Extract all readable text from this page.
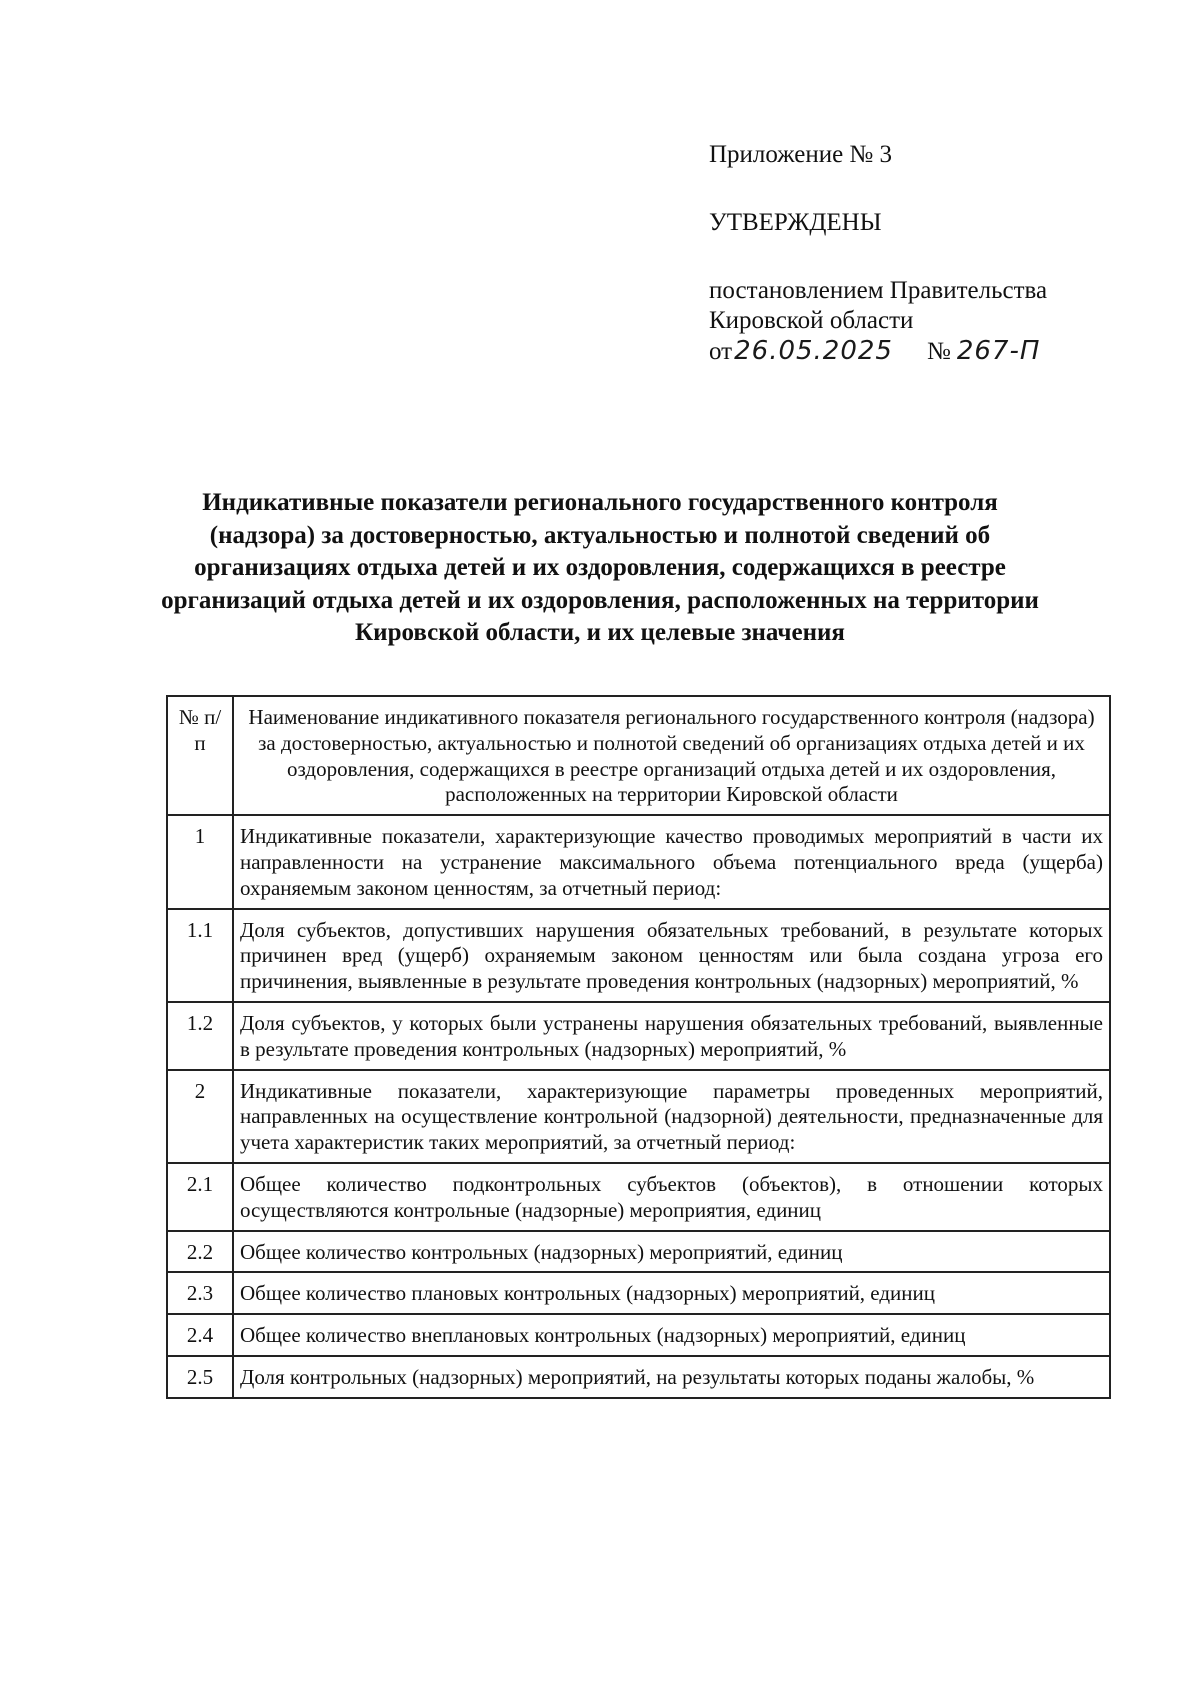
Приложение № 3
УТВЕРЖДЕНЫ
постановлением Правительства
Кировской области
от26.05.2025 № 267-П
Индикативные показатели регионального государственного контроля (надзора) за достоверностью, актуальностью и полнотой сведений об организациях отдыха детей и их оздоровления, содержащихся в реестре организаций отдыха детей и их оздоровления, расположенных на территории Кировской области, и их целевые значения
№ п/п	Наименование индикативного показателя регионального государственного контроля (надзора) за достоверностью, актуальностью и полнотой сведений об организациях отдыха детей и их оздоровления, содержащихся в реестре организаций отдыха детей и их оздоровления, расположенных на территории Кировской области
1	Индикативные показатели, характеризующие качество проводимых мероприятий в части их направленности на устранение максимального объема потенциального вреда (ущерба) охраняемым законом ценностям, за отчетный период:
1.1	Доля субъектов, допустивших нарушения обязательных требований, в результате которых причинен вред (ущерб) охраняемым законом ценностям или была создана угроза его причинения, выявленные в результате проведения контрольных (надзорных) мероприятий, %
1.2	Доля субъектов, у которых были устранены нарушения обязательных требований, выявленные в результате проведения контрольных (надзорных) мероприятий, %
2	Индикативные показатели, характеризующие параметры проведенных мероприятий, направленных на осуществление контрольной (надзорной) деятельности, предназначенные для учета характеристик таких мероприятий, за отчетный период:
2.1	Общее количество подконтрольных субъектов (объектов), в отношении которых осуществляются контрольные (надзорные) мероприятия, единиц
2.2	Общее количество контрольных (надзорных) мероприятий, единиц
2.3	Общее количество плановых контрольных (надзорных) мероприятий, единиц
2.4	Общее количество внеплановых контрольных (надзорных) мероприятий, единиц
2.5	Доля контрольных (надзорных) мероприятий, на результаты которых поданы жалобы, %
